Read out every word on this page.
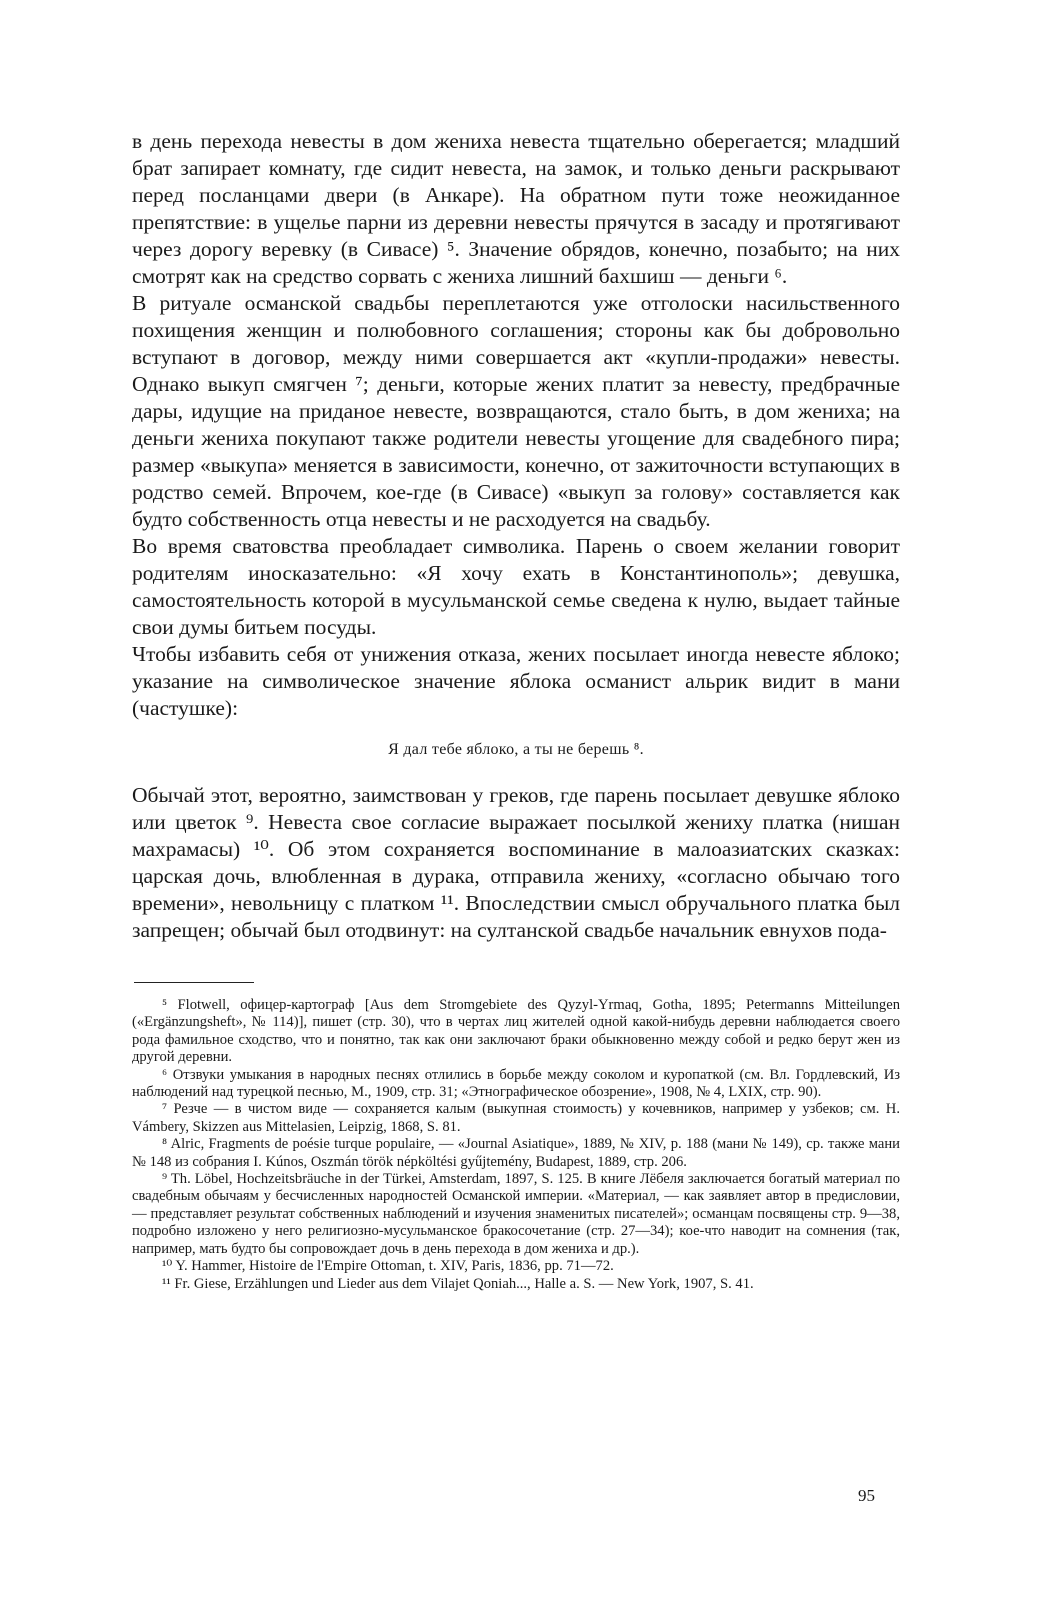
в день перехода невесты в дом жениха невеста тщательно оберегается; младший брат запирает комнату, где сидит невеста, на замок, и только деньги раскрывают перед посланцами двери (в Анкаре). На обратном пути тоже неожиданное препятствие: в ущелье парни из деревни невесты прячутся в засаду и протягивают через дорогу веревку (в Сивасе) ⁵. Значение обрядов, конечно, позабыто; на них смотрят как на средство сорвать с жениха лишний бахшиш — деньги ⁶.

В ритуале османской свадьбы переплетаются уже отголоски насильственного похищения женщин и полюбовного соглашения; стороны как бы добровольно вступают в договор, между ними совершается акт «купли-продажи» невесты. Однако выкуп смягчен ⁷; деньги, которые жених платит за невесту, предбрачные дары, идущие на приданое невесте, возвращаются, стало быть, в дом жениха; на деньги жениха покупают также родители невесты угощение для свадебного пира; размер «выкупа» меняется в зависимости, конечно, от зажиточности вступающих в родство семей. Впрочем, кое-где (в Сивасе) «выкуп за голову» составляется как будто собственность отца невесты и не расходуется на свадьбу.

Во время сватовства преобладает символика. Парень о своем желании говорит родителям иносказательно: «Я хочу ехать в Константинополь»; девушка, самостоятельность которой в мусульманской семье сведена к нулю, выдает тайные свои думы битьем посуды.

Чтобы избавить себя от унижения отказа, жених посылает иногда невесте яблоко; указание на символическое значение яблока османист альрик видит в мани (частушке):

Я дал тебе яблоко, а ты не берешь ⁸.

Обычай этот, вероятно, заимствован у греков, где парень посылает девушке яблоко или цветок ⁹. Невеста свое согласие выражает посылкой жениху платка (нишан махрамасы) ¹⁰. Об этом сохраняется воспоминание в малоазиатских сказках: царская дочь, влюбленная в дурака, отправила жениху, «согласно обычаю того времени», невольницу с платком ¹¹. Впоследствии смысл обручального платка был запрещен; обычай был отодвинут: на султанской свадьбе начальник евнухов пода-

⁵ Flotwell, офицер-картограф [Aus dem Stromgebiete des Qyzyl-Yrmaq, Gotha, 1895; Petermanns Mitteilungen («Ergänzungsheft», № 114)], пишет (стр. 30), что в чертах лиц жителей одной какой-нибудь деревни наблюдается своего рода фамильное сходство, что и понятно, так как они заключают браки обыкновенно между собой и редко берут жен из другой деревни.

⁶ Отзвуки умыкания в народных песнях отлились в борьбе между соколом и куропаткой (см. Вл. Гордлевский, Из наблюдений над турецкой песнью, М., 1909, стр. 31; «Этнографическое обозрение», 1908, № 4, LXIX, стр. 90).

⁷ Резче — в чистом виде — сохраняется калым (выкупная стоимость) у кочевников, например у узбеков; см. H. Vámbery, Skizzen aus Mittelasien, Leipzig, 1868, S. 81.

⁸ Alric, Fragments de poésie turque populaire, — «Journal Asiatique», 1889, № XIV, p. 188 (мани № 149), ср. также мани № 148 из собрания I. Kúnos, Oszmán török népköltési gyűjtemény, Budapest, 1889, стр. 206.

⁹ Th. Löbel, Hochzeitsbräuche in der Türkei, Amsterdam, 1897, S. 125. В книге Лёбеля заключается богатый материал по свадебным обычаям у бесчисленных народностей Османской империи. «Материал, — как заявляет автор в предисловии, — представляет результат собственных наблюдений и изучения знаменитых писателей»; османцам посвящены стр. 9—38, подробно изложено у него религиозно-мусульманское бракосочетание (стр. 27—34); кое-что наводит на сомнения (так, например, мать будто бы сопровождает дочь в день перехода в дом жениха и др.).

¹⁰ Y. Hammer, Histoire de l'Empire Ottoman, t. XIV, Paris, 1836, pp. 71—72.

¹¹ Fr. Giese, Erzählungen und Lieder aus dem Vilajet Qoniah..., Halle a. S. — New York, 1907, S. 41.

95
